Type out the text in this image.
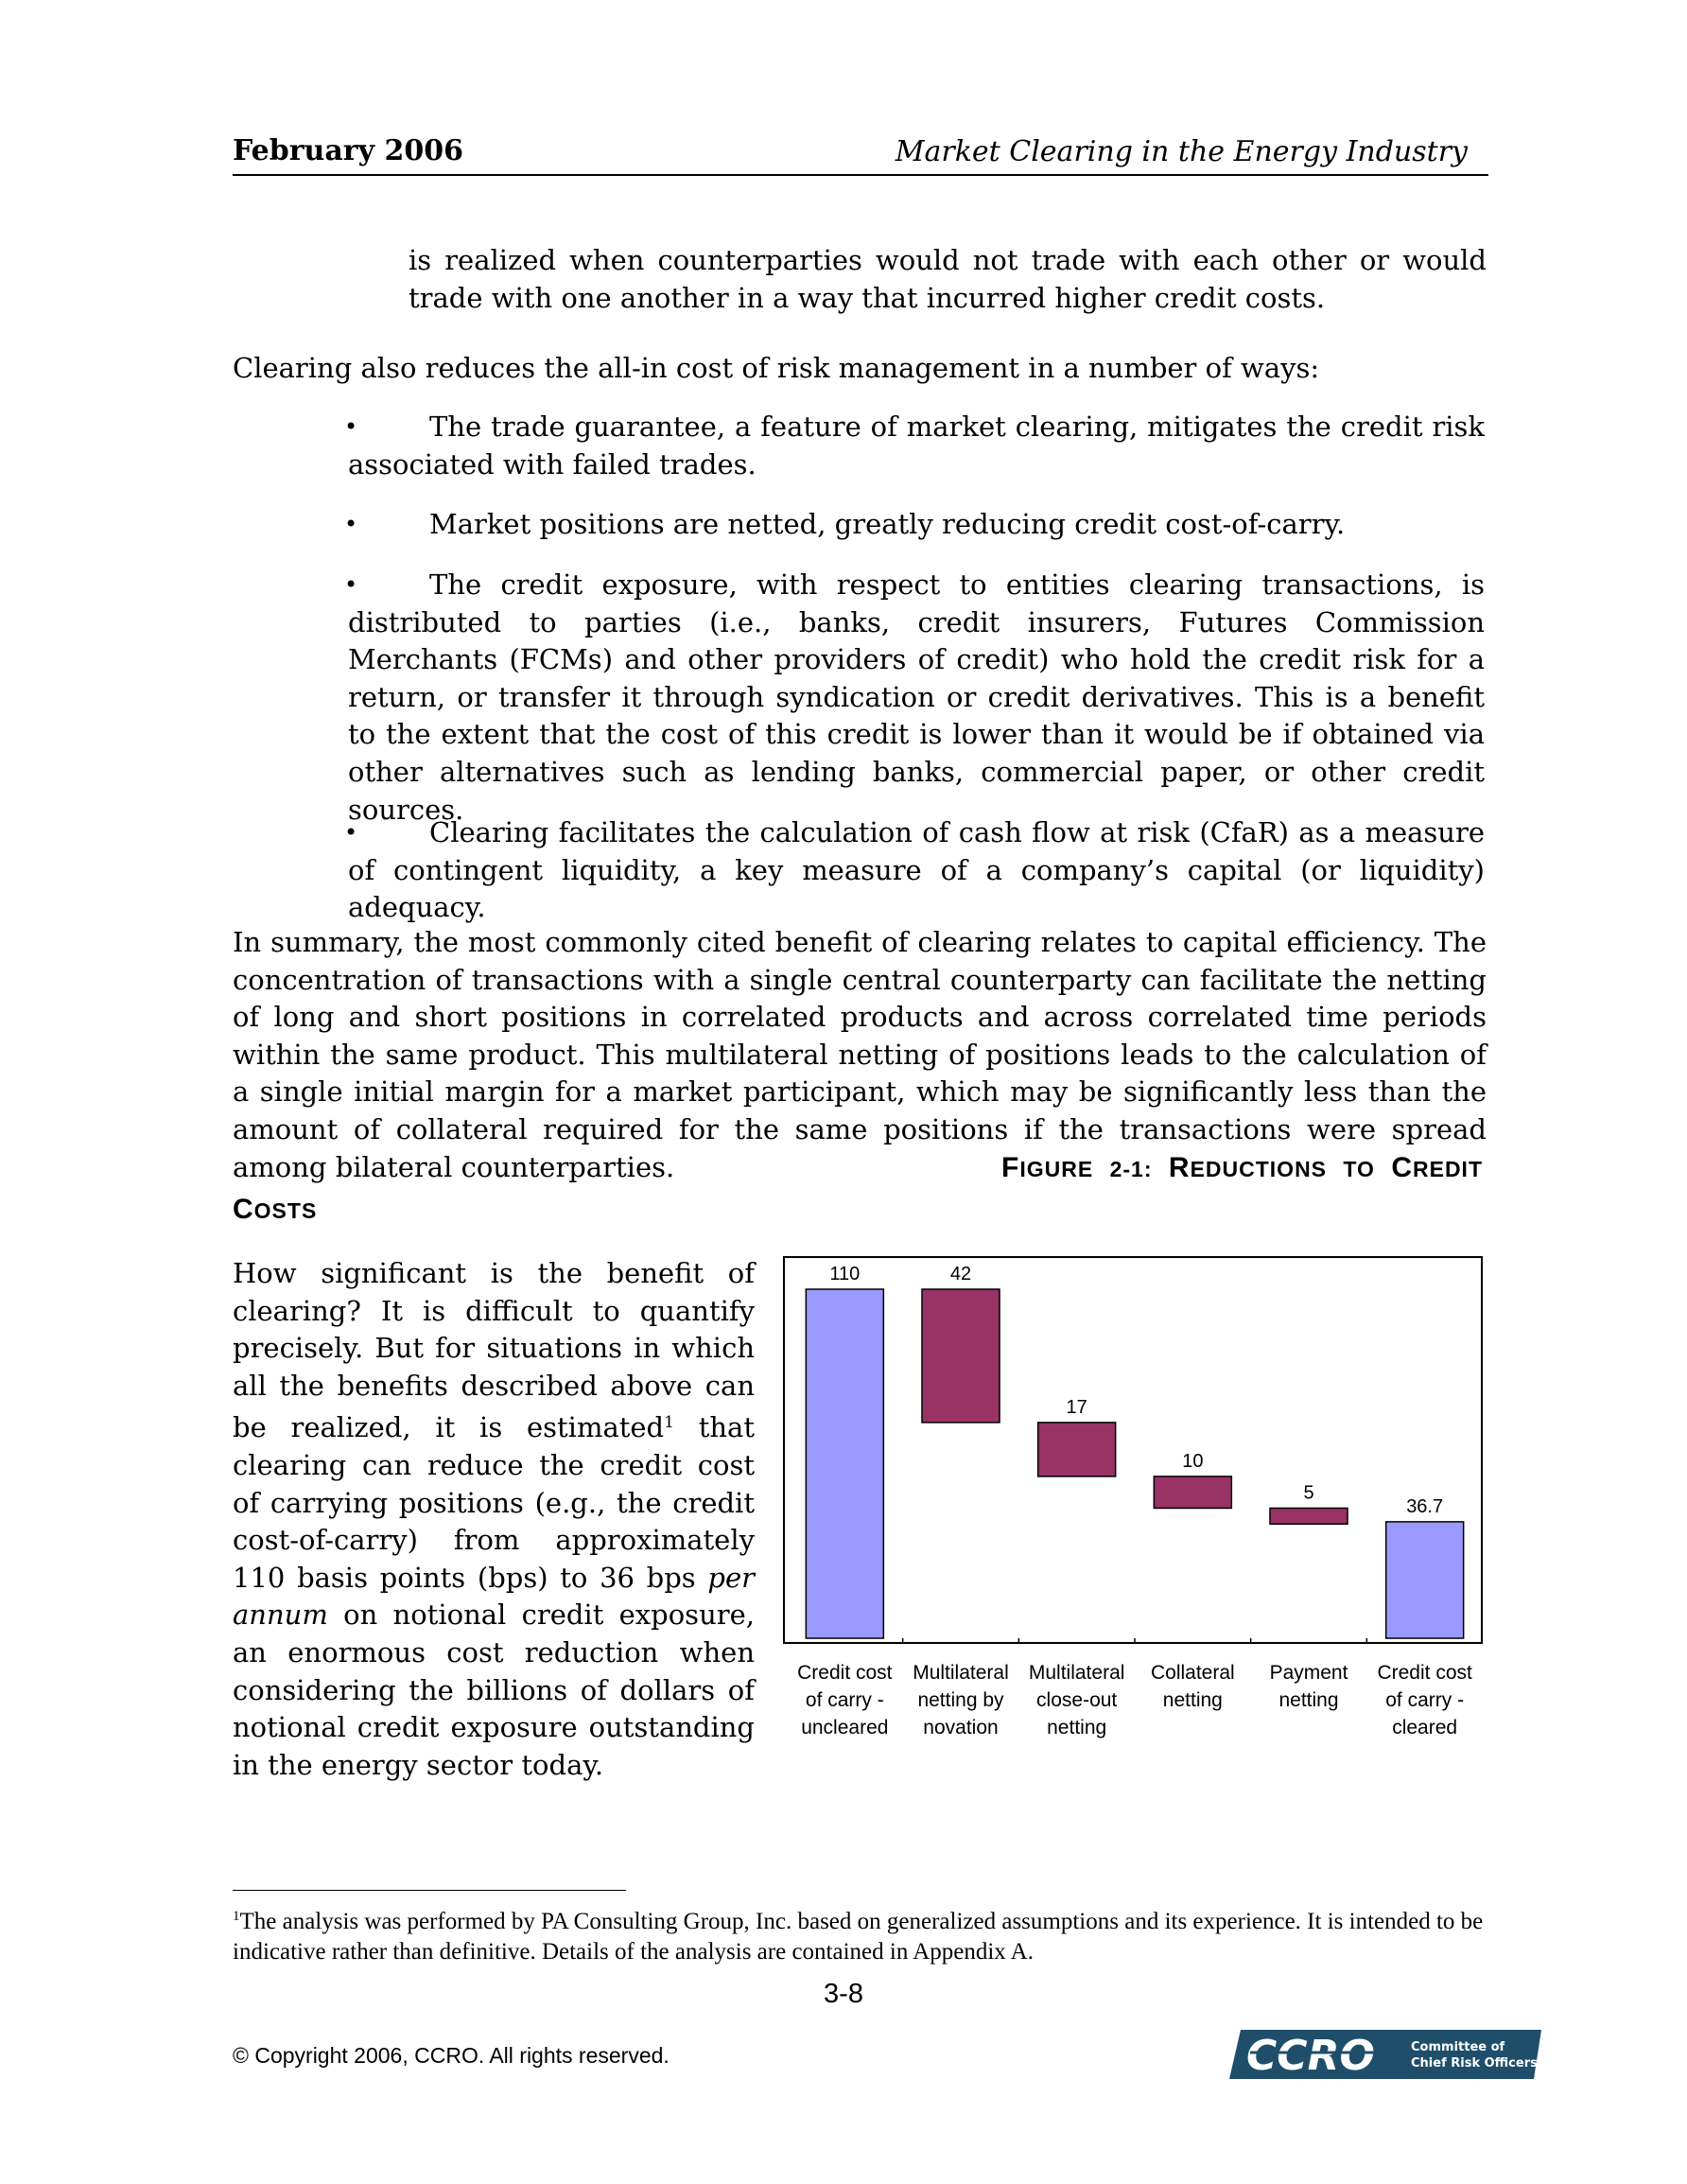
February 2006	Market Clearing in the Energy Industry

is realized when counterparties would not trade with each other or would trade with one another in a way that incurred higher credit costs.

Clearing also reduces the all-in cost of risk management in a number of ways:

•	The trade guarantee, a feature of market clearing, mitigates the credit risk associated with failed trades.

•	Market positions are netted, greatly reducing credit cost-of-carry.

•	The credit exposure, with respect to entities clearing transactions, is distributed to parties (i.e., banks, credit insurers, Futures Commission Merchants (FCMs) and other providers of credit) who hold the credit risk for a return, or transfer it through syndication or credit derivatives. This is a benefit to the extent that the cost of this credit is lower than it would be if obtained via other alternatives such as lending banks, commercial paper, or other credit sources.

•	Clearing facilitates the calculation of cash flow at risk (CfaR) as a measure of contingent liquidity, a key measure of a company’s capital (or liquidity) adequacy.

In summary, the most commonly cited benefit of clearing relates to capital efficiency. The concentration of transactions with a single central counterparty can facilitate the netting of long and short positions in correlated products and across correlated time periods within the same product. This multilateral netting of positions leads to the calculation of a single initial margin for a market participant, which may be significantly less than the amount of collateral required for the same positions if the transactions were spread among bilateral counterparties.	FIGURE 2-1: REDUCTIONS TO CREDIT
COSTS

How significant is the benefit of clearing? It is difficult to quantify precisely. But for situations in which all the benefits described above can be realized, it is estimated$^1$ that clearing can reduce the credit cost of carrying positions (e.g., the credit cost-of-carry) from approximately 110 basis points (bps) to 36 bps per annum on notional credit exposure, an enormous cost reduction when considering the billions of dollars of notional credit exposure outstanding in the energy sector today.

110	42
17
10
5
36.7
Credit cost
of carry -
uncleared
Multilateral
netting by
novation
Multilateral
close-out
netting
Collateral
netting
Payment
netting
Credit cost
of carry -
cleared

$^1$The analysis was performed by PA Consulting Group, Inc. based on generalized assumptions and its experience. It is intended to be indicative rather than definitive. Details of the analysis are contained in Appendix A.

3-8
© Copyright 2006, CCRO. All rights reserved.	CCRO	Committee of
Chief Risk Officers
